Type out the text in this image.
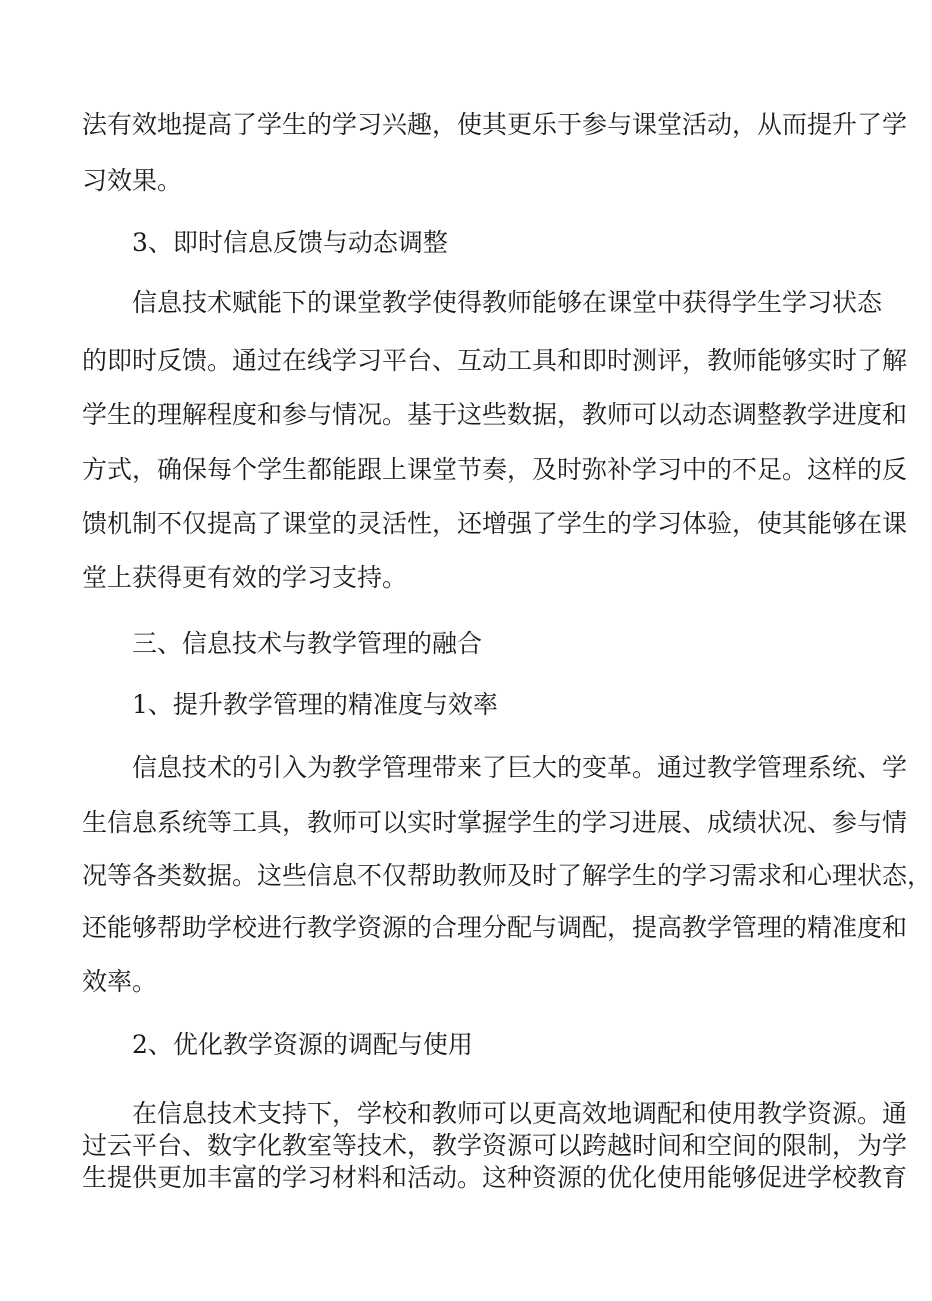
法有效地提高了学生的学习兴趣，使其更乐于参与课堂活动，从而提升了学

习效果。

3、即时信息反馈与动态调整

信息技术赋能下的课堂教学使得教师能够在课堂中获得学生学习状态

的即时反馈。通过在线学习平台、互动工具和即时测评，教师能够实时了解

学生的理解程度和参与情况。基于这些数据，教师可以动态调整教学进度和

方式，确保每个学生都能跟上课堂节奏，及时弥补学习中的不足。这样的反

馈机制不仅提高了课堂的灵活性，还增强了学生的学习体验，使其能够在课

堂上获得更有效的学习支持。

三、信息技术与教学管理的融合

1、提升教学管理的精准度与效率

信息技术的引入为教学管理带来了巨大的变革。通过教学管理系统、学

生信息系统等工具，教师可以实时掌握学生的学习进展、成绩状况、参与情

况等各类数据。这些信息不仅帮助教师及时了解学生的学习需求和心理状态，

还能够帮助学校进行教学资源的合理分配与调配，提高教学管理的精准度和

效率。

2、优化教学资源的调配与使用

在信息技术支持下，学校和教师可以更高效地调配和使用教学资源。通

过云平台、数字化教室等技术，教学资源可以跨越时间和空间的限制，为学

生提供更加丰富的学习材料和活动。这种资源的优化使用能够促进学校教育
